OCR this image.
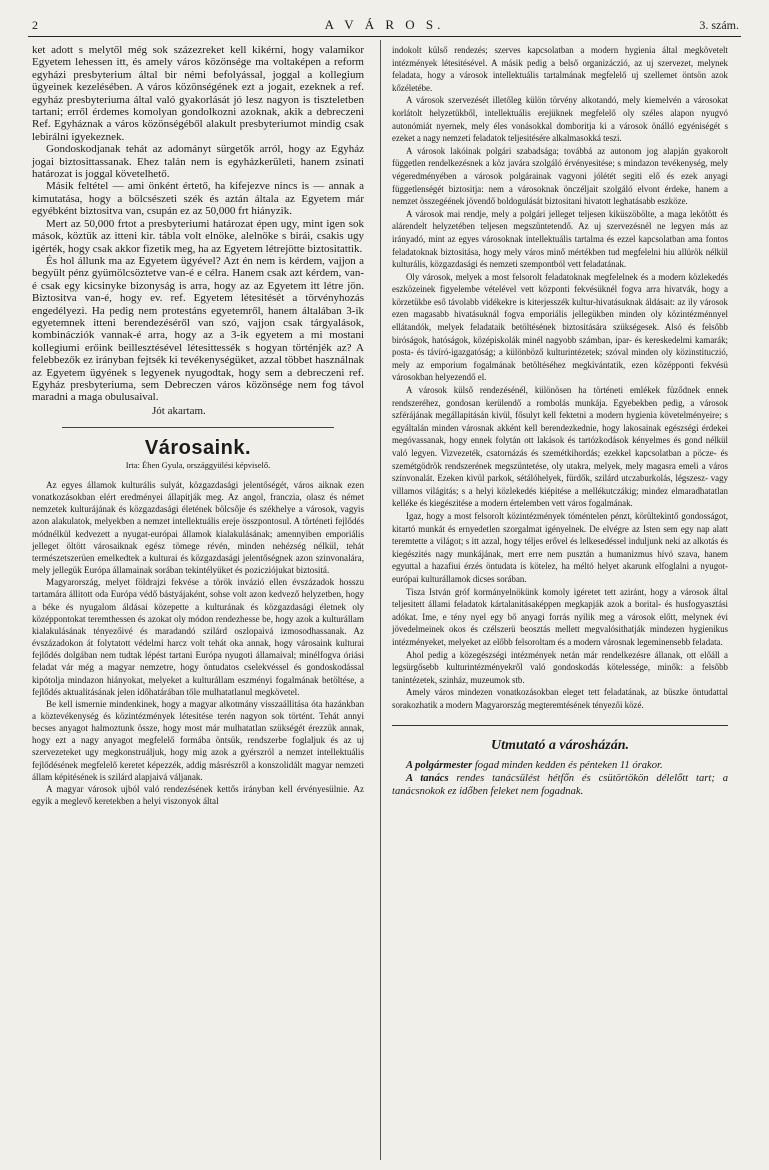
2	A V Á R O S.	3. szám.

ket adott s melytől még sok százezreket kell kikérni, hogy valamikor Egyetem lehessen itt, és amely város közönsége ma voltaképen a reform egyházi presbyterium által bir némi befolyással, joggal a kollegium ügyeinek kezelésében. A város közönségének ezt a jogait, ezeknek a ref. egyház presbyteriuma által való gyakorlását jó lesz nagyon is tiszteletben tartani; erről érdemes komolyan gondolkozni azoknak, akik a debreczeni Ref. Egyháznak a város közönségéből alakult presbyteriumot mindig csak lebirálni igyekeznek.

Gondoskodjanak tehát az adományt sürgetők arról, hogy az Egyház jogai biztosittassanak. Ehez talán nem is egyházkerületi, hanem zsinati határozat is joggal követelhető.

Másik feltétel — ami önként értető, ha kifejezve nincs is — annak a kimutatása, hogy a bölcsészeti szék és aztán általa az Egyetem már egyébként biztositva van, csupán ez az 50,000 frt hiányzik.

Mert az 50,000 frtot a presbyteriumi határozat épen ugy, mint igen sok mások, köztük az itteni kir. tábla volt elnöke, alelnöke s birái, csakis ugy igérték, hogy csak akkor fizetik meg, ha az Egyetem létrejötte biztositattik.

És hol állunk ma az Egyetem ügyével? Azt én nem is kérdem, vajjon a begyült pénz gyümölcsöztetve van-é e célra. Hanem csak azt kérdem, van-é csak egy kicsinyke bizonyság is arra, hogy az az Egyetem itt létre jön. Biztositva van-é, hogy ev. ref. Egyetem létesitését a törvényhozás engedélyezi. Ha pedig nem protestáns egyetemről, hanem általában 3-ik egyetemnek itteni berendezéséről van szó, vajjon csak tárgyalások, kombinácziók vannak-é arra, hogy az a 3-ik egyetem a mi mostani kollegiumi erőink beillesztésével létesittessék s hogyan történjék az? A felebbezők ez irányban fejtsék ki tevékenységüket, azzal többet használnak az Egyetem ügyének s legyenek nyugodtak, hogy sem a debreczeni ref. Egyház presbyteriuma, sem Debreczen város közönsége nem fog távol maradni a maga obulusaival.

Jót akartam.

Városaink.
Irta: Éhen Gyula, országgyülési képviselő.

Az egyes államok kulturális sulyát, közgazdasági jelentőségét, város aiknak ezen vonatkozásokban elért eredményei állapitják meg. Az angol, franczia, olasz és német nemzetek kulturájának és közgazdasági életének bölcsője és székhelye a városok, vagyis azon alakulatok, melyekben a nemzet intellektuális ereje összpontosul. A történeti fejlődés módnélkül kedvezett a nyugat-európai államok kialakulásának; amennyiben emporiális jelleget öltött városaiknak egész tömege révén, minden nehézség nélkül, tehát természetszerüen emelkedtek a kulturai és közgazdasági jelentőségnek azon szinvonalára, mely jellegük Európa államainak sorában tekintélyüket és pozicziójukat biztositá.

Magyarország, melyet földrajzi fekvése a török invázió ellen évszázadok hosszu tartamára állitott oda Európa védő bástyájaként, sohse volt azon kedvező helyzetben, hogy a béke és nyugalom áldásai közepette a kulturának és közgazdasági életnek oly középpontokat teremthessen és azokat oly módon rendezhesse be, hogy azok a kulturállam kialakulásának tényezőivé és maradandó szilárd oszlopaivá izmosodhassanak. Az évszázadokon át folytatott védelmi harcz volt tehát oka annak, hogy városaink kulturai fejlődés dolgában nem tudtak lépést tartani Európa nyugoti államaival; minélfogva óriási feladat vár még a magyar nemzetre, hogy öntudatos cselekvéssel és gondoskodással kipótolja mindazon hiányokat, melyeket a kulturállam eszményi fogalmának betöltése, a fejlődés aktualitásának jelen időhatárában tőle mulhatatlanul megkövetel.

Be kell ismernie mindenkinek, hogy a magyar alkotmány visszaállitása óta hazánkban a köztevékenység és közintézmények létesitése terén nagyon sok történt. Tehát annyi becses anyagot halmoztunk össze, hogy most már mulhatatlan szükségét érezzük annak, hogy ezt a nagy anyagot megfelelő formába öntsük, rendszerbe foglaljuk és az uj szervezeteket ugy megkonstruáljuk, hogy mig azok a gyérszról a nemzet intellektuális fejlődésének megfelelő keretet képezzék, addig másrészről a konszolidált magyar nemzeti állam képitésének is szilárd alapjaivá váljanak.

A magyar városok ujból való rendezésének kettős irányban kell érvényesülnie. Az egyik a meglevő keretekben a helyi viszonyok által

indokolt külső rendezés; szerves kapcsolatban a modern hygienia által megkövetelt intézmények létesitésével. A másik pedig a belső organizáczió, az uj szervezet, melynek feladata, hogy a városok intellektuális tartalmának megfelelő uj szellemet öntsön azok kőzéletébe.

A városok szervezését illetőleg külön törvény alkotandó, mely kiemelvén a városokat korlátolt helyzetükből, intellektuális erejüknek megfelelő oly széles alapon nyugvó autonómiát nyernek, mely éles vonásokkal domboritja ki a városok önálló egyéniségét s ezeket a nagy nemzeti feladatok teljesitésére alkalmasokká teszi.

A városok lakóinak polgári szabadsága; továbbá az autonom jog alapján gyakorolt független rendelkezésnek a köz javára szolgáló érvényesitése; s mindazon tevékenység, mely végeredményében a városok polgárainak vagyoni jólétét segiti elő és ezek anyagi függetlenségét biztositja: nem a városoknak önczéljait szolgáló elvont érdeke, hanem a nemzet összegéének jövendő boldogulását biztositani hivatott leghatásabb eszköze.

A városok mai rendje, mely a polgári jelleget teljesen kiküszöbölte, a maga lekötött és alárendelt helyzetében teljesen megszüntetendő. Az uj szervezésnél ne legyen más az irányadó, mint az egyes városoknak intellektuális tartalma és ezzel kapcsolatban ama fontos feladatoknak biztositása, hogy mely város minő mértékben tud megfelelni hiu allürök nélkül kulturális, közgazdasági és nemzeti szempontból vett feladatának.

Oly városok, melyek a most felsorolt feladatoknak megfelelnek és a modern közlekedés eszközeinek figyelembe vételével vett központi fekvésüknél fogva arra hivatvák, hogy a körzetükbe eső távolabb vidékekre is kiterjesszék kultur-hivatásuknak áldásait: az ily városok ezen magasabb hivatásuknál fogva emporiális jellegükben minden oly közintézménnyel ellátandók, melyek feladataik betöltésének biztositására szükségesek. Alsó és felsőbb biróságok, hatóságok, középiskolák minél nagyobb számban, ipar- és kereskedelmi kamarák; posta- és távíró-igazgatóság; a különböző kulturintézetek; szóval minden oly közinstituczió, mely az emporium fogalmának betöltéséhez megkivántatik, ezen középponti fekvésü városokban helyezendő el.

A városok külső rendezésénél, különösen ha történeti emlékek füződnek ennek rendszeréhez, gondosan kerülendő a rombolás munkája. Egyebekben pedig, a városok szférájának megállapitásán kivül, fősulyt kell fektetni a modern hygienia követelményeire; s egyáltalán minden városnak akként kell berendezkednie, hogy lakosainak egészségi érdekei megóvassanak, hogy ennek folytán ott lakások és tartózkodások kényelmes és gond nélkül való legyen. Vizvezeték, csatornázás és szemétkihordás; ezekkel kapcsolatban a pöcze- és szemétgödrök rendszerének megszüntetése, oly utakra, melyek, mely magasra emeli a város színvonalát. Ezeken kivül parkok, sétálóhelyek, fürdők, szilárd utczaburkolás, légszesz- vagy villamos világitás; s a helyi közlekedés kiépitése a mellékutczákig; mindez elmaradhatatlan kelléke és kiegészitése a modern értelemben vett város fogalmának.

Igaz, hogy a most felsorolt közintézmények töméntelen pénzt, körültekintő gondosságot, kitartó munkát és ernyedetlen szorgalmat igényelnek. De elvégre az Isten sem egy nap alatt teremtette a világot; s itt azzal, hogy téljes erővel és lelkesedéssel induljunk neki az alkotás és kiegészités nagy munkájának, mert erre nem pusztán a humanizmus hívó szava, hanem egyuttal a hazafiui érzés öntudata is kötelez, ha méltó helyet akarunk elfoglalni a nyugot-európai kulturállamok dicses sorában.

Tisza István gróf kormányelnökünk komoly igéretet tett aziránt, hogy a városok által teljesitett állami feladatok kártalanitásaképpen megkapják azok a borital- és husfogyasztási adókat. Ime, e tény nyel egy bő anyagi forrás nyilik meg a városok előtt, melynek évi jövedelmeinek okos és czélszerü beosztás mellett megvalósithatják mindezen hygienikus intézményeket, melyeket az előbb felsoroltam és a modern városnak legeminensebb feladata.

Ahol pedig a közegészségi intézmények netán már rendelkezésre állanak, ott előáll a legsürgősebb kulturintézményekről való gondoskodás kötelessége, minők: a felsőbb tanintézetek, szinház, muzeumok stb.

Amely város mindezen vonatkozásokban eleget tett feladatának, az büszke öntudattal sorakozhatik a modern Magyarország megteremtésének tényezői közé.

Utmutató a városházán.

A polgármester fogad minden kedden és pénteken 11 órakor.

A tanács rendes tanácsülést hétfőn és csütörtökön délelőtt tart; a tanácsnokok ez időben feleket nem fogadnak.
